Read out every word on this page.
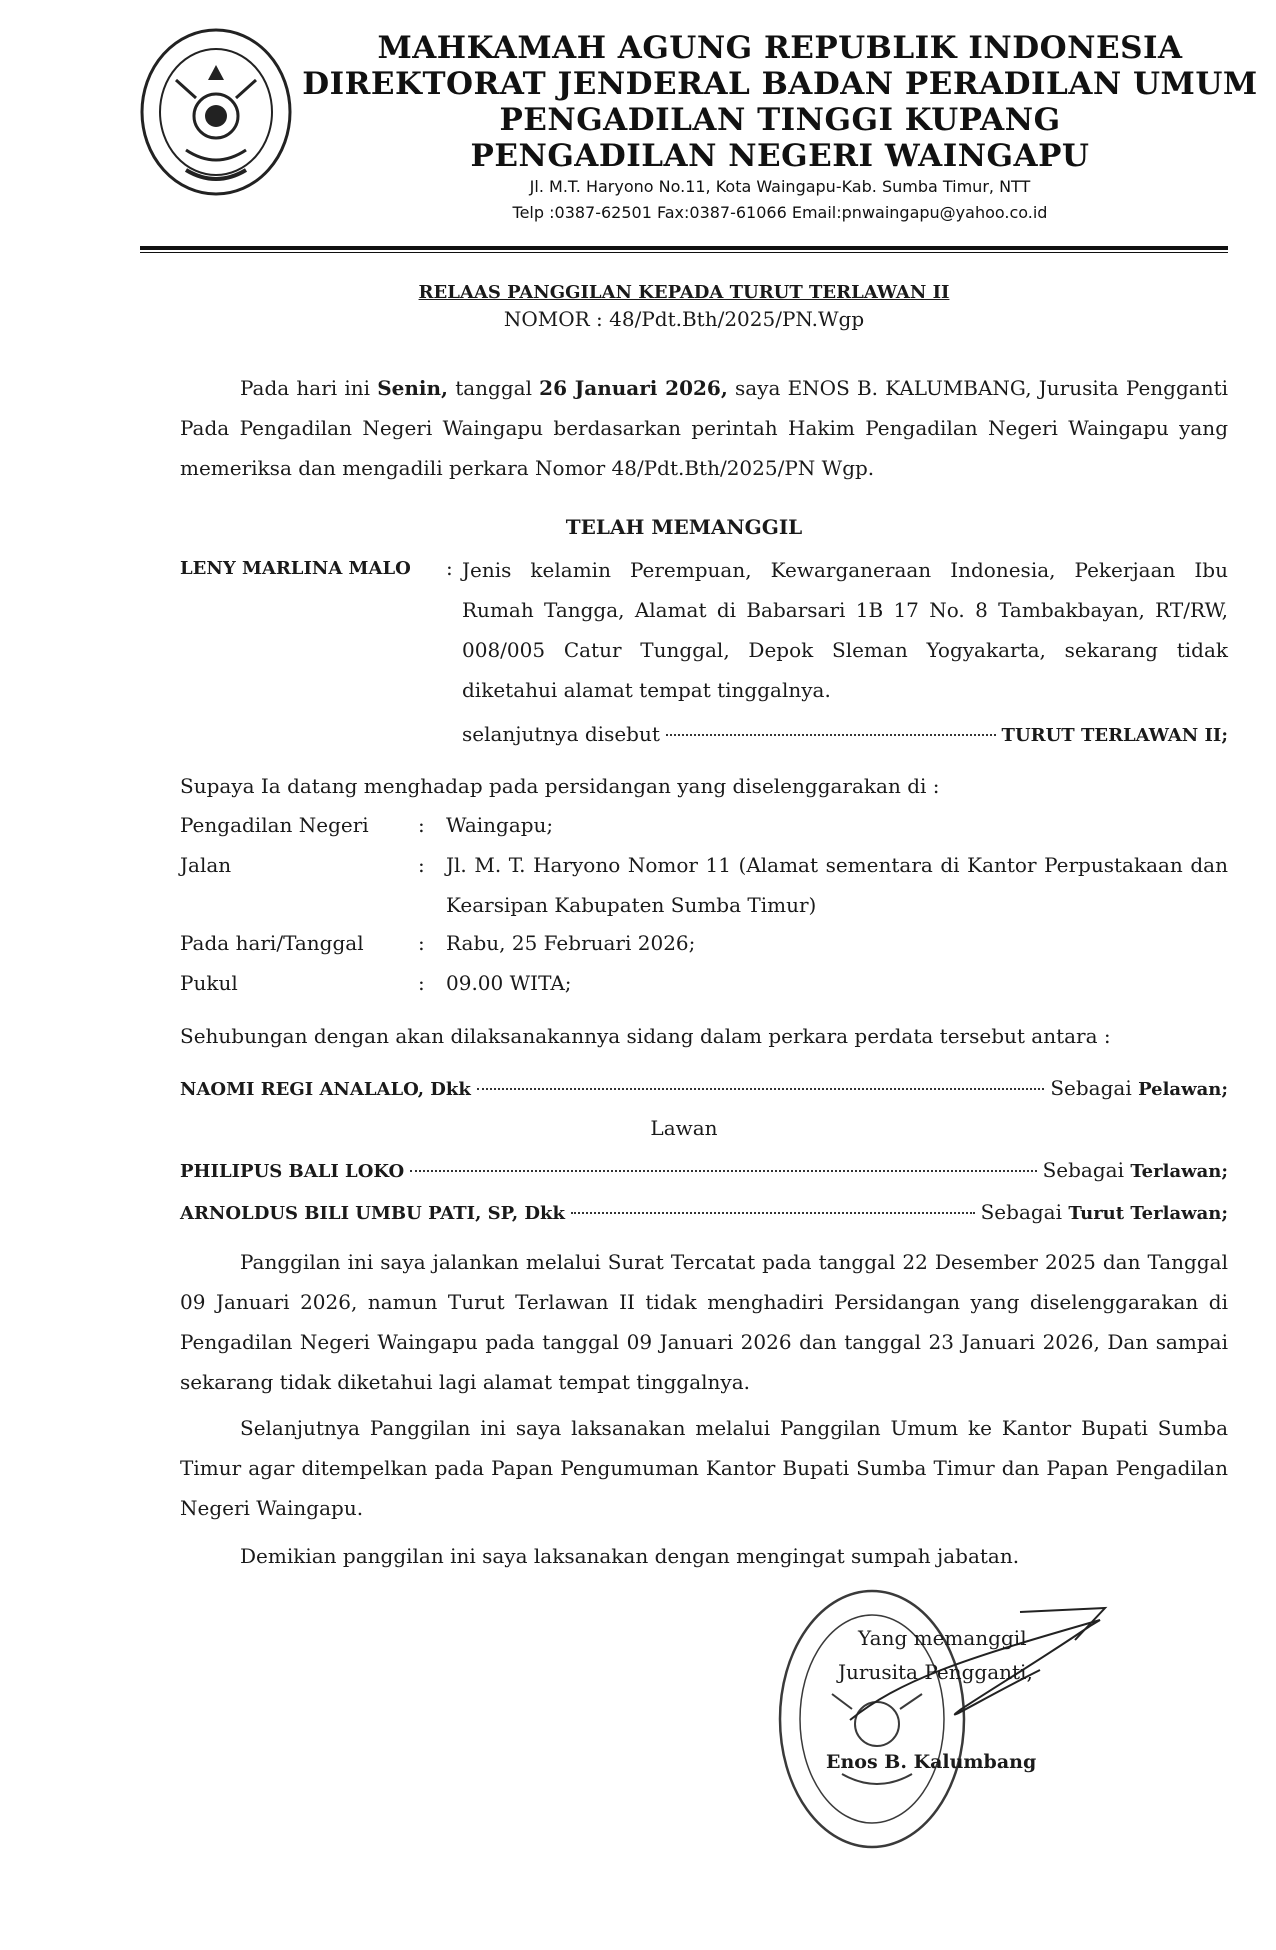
MAHKAMAH AGUNG REPUBLIK INDONESIA
DIREKTORAT JENDERAL BADAN PERADILAN UMUM
PENGADILAN TINGGI KUPANG
PENGADILAN NEGERI WAINGAPU
Jl. M.T. Haryono No.11, Kota Waingapu-Kab. Sumba Timur, NTT
Telp :0387-62501 Fax:0387-61066 Email:pnwaingapu@yahoo.co.id
RELAAS PANGGILAN KEPADA TURUT TERLAWAN II
NOMOR : 48/Pdt.Bth/2025/PN.Wgp
Pada hari ini Senin, tanggal 26 Januari 2026, saya ENOS B. KALUMBANG, Jurusita Pengganti Pada Pengadilan Negeri Waingapu berdasarkan perintah Hakim Pengadilan Negeri Waingapu yang memeriksa dan mengadili perkara Nomor 48/Pdt.Bth/2025/PN Wgp.
TELAH MEMANGGIL
LENY MARLINA MALO : Jenis kelamin Perempuan, Kewarganeraan Indonesia, Pekerjaan Ibu Rumah Tangga, Alamat di Babarsari 1B 17 No. 8 Tambakbayan, RT/RW, 008/005 Catur Tunggal, Depok Sleman Yogyakarta, sekarang tidak diketahui alamat tempat tinggalnya.
selanjutnya disebut	TURUT TERLAWAN II;
Supaya Ia datang menghadap pada persidangan yang diselenggarakan di :
Pengadilan Negeri : Waingapu;
Jalan	: Jl. M. T. Haryono Nomor 11 (Alamat sementara di Kantor Perpustakaan dan Kearsipan Kabupaten Sumba Timur)
Pada hari/Tanggal	: Rabu, 25 Februari 2026;
Pukul	: 09.00 WITA;
Sehubungan dengan akan dilaksanakannya sidang dalam perkara perdata tersebut antara :
NAOMI REGI ANALALO, Dkk	Sebagai Pelawan;
Lawan
PHILIPUS BALI LOKO	Sebagai Terlawan;
ARNOLDUS BILI UMBU PATI, SP, Dkk	Sebagai Turut Terlawan;
Panggilan ini saya jalankan melalui Surat Tercatat pada tanggal 22 Desember 2025 dan Tanggal 09 Januari 2026, namun Turut Terlawan II tidak menghadiri Persidangan yang diselenggarakan di Pengadilan Negeri Waingapu pada tanggal 09 Januari 2026 dan tanggal 23 Januari 2026, Dan sampai sekarang tidak diketahui lagi alamat tempat tinggalnya.
Selanjutnya Panggilan ini saya laksanakan melalui Panggilan Umum ke Kantor Bupati Sumba Timur agar ditempelkan pada Papan Pengumuman Kantor Bupati Sumba Timur dan Papan Pengadilan Negeri Waingapu.
Demikian panggilan ini saya laksanakan dengan mengingat sumpah jabatan.
Yang memanggil
Jurusita Pengganti,
Enos B. Kalumbang
